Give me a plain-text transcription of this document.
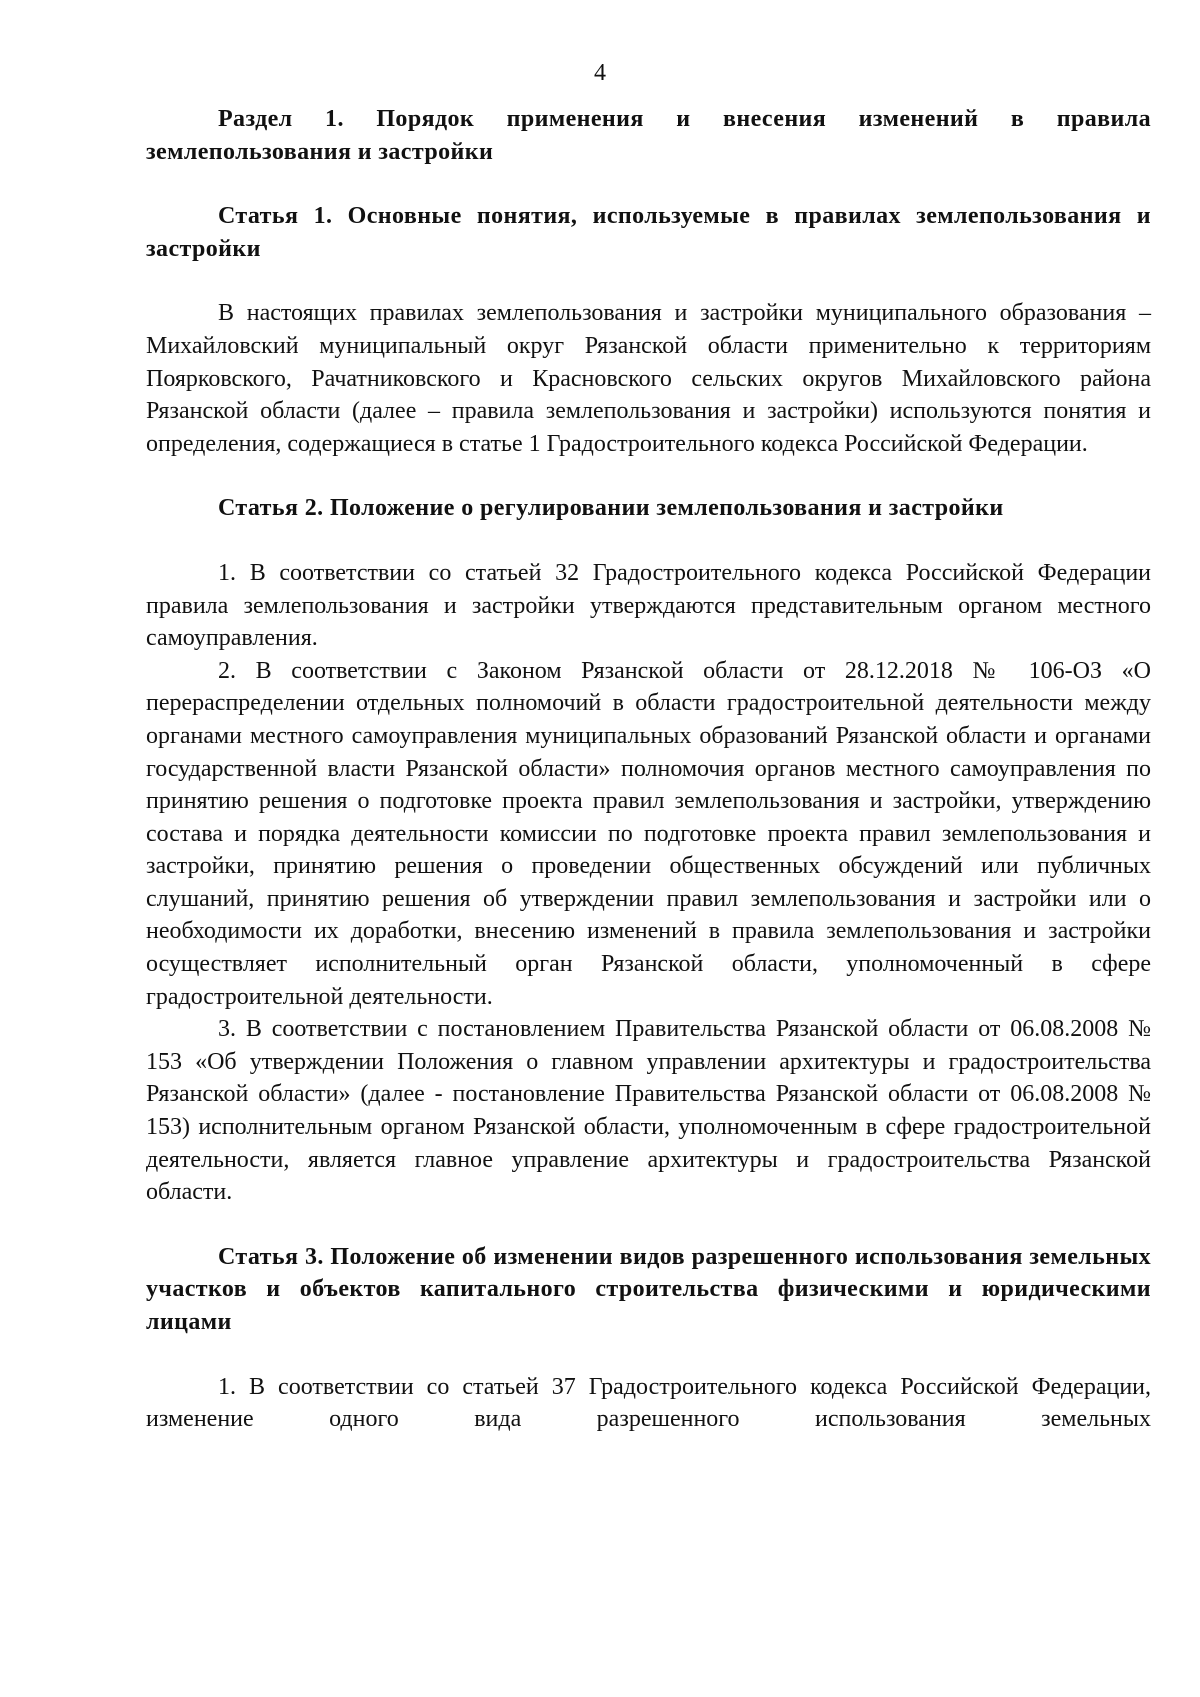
4

Раздел 1. Порядок применения и внесения изменений в правила землепользования и застройки

Статья 1. Основные понятия, используемые в правилах землепользования и застройки

В настоящих правилах землепользования и застройки муниципального образования – Михайловский муниципальный округ Рязанской области применительно к территориям Поярковского, Рачатниковского и Красновского сельских округов Михайловского района Рязанской области (далее – правила землепользования и застройки) используются понятия и определения, содержащиеся в статье 1 Градостроительного кодекса Российской Федерации.

Статья 2. Положение о регулировании землепользования и застройки

1. В соответствии со статьей 32 Градостроительного кодекса Российской Федерации правила землепользования и застройки утверждаются представительным органом местного самоуправления.

2. В соответствии с Законом Рязанской области от 28.12.2018 № 106-ОЗ «О перераспределении отдельных полномочий в области градостроительной деятельности между органами местного самоуправления муниципальных образований Рязанской области и органами государственной власти Рязанской области» полномочия органов местного самоуправления по принятию решения о подготовке проекта правил землепользования и застройки, утверждению состава и порядка деятельности комиссии по подготовке проекта правил землепользования и застройки, принятию решения о проведении общественных обсуждений или публичных слушаний, принятию решения об утверждении правил землепользования и застройки или о необходимости их доработки, внесению изменений в правила землепользования и застройки осуществляет исполнительный орган Рязанской области, уполномоченный в сфере градостроительной деятельности.

3. В соответствии с постановлением Правительства Рязанской области от 06.08.2008 № 153 «Об утверждении Положения о главном управлении архитектуры и градостроительства Рязанской области» (далее - постановление Правительства Рязанской области от 06.08.2008 № 153) исполнительным органом Рязанской области, уполномоченным в сфере градостроительной деятельности, является главное управление архитектуры и градостроительства Рязанской области.

Статья 3. Положение об изменении видов разрешенного использования земельных участков и объектов капитального строительства физическими и юридическими лицами

1. В соответствии со статьей 37 Градостроительного кодекса Российской Федерации, изменение одного вида разрешенного использования земельных
